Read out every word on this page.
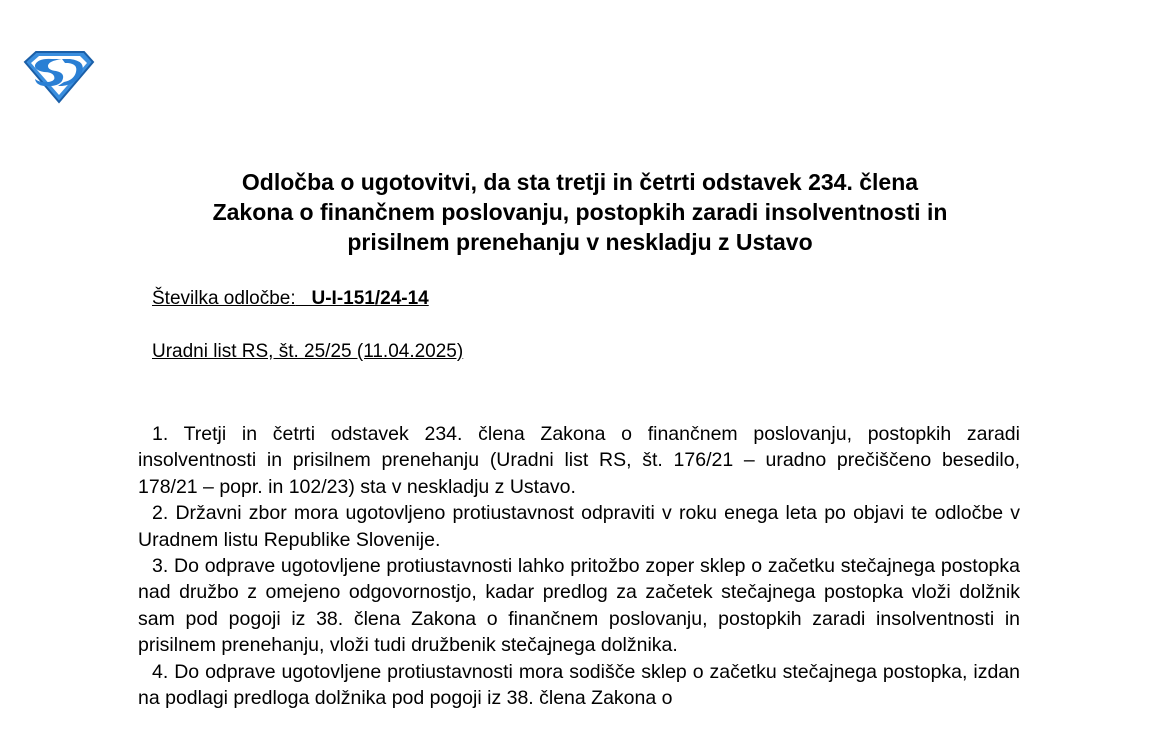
Odločba o ugotovitvi, da sta tretji in četrti odstavek 234. člena
Zakona o finančnem poslovanju, postopkih zaradi insolventnosti in
prisilnem prenehanju v neskladju z Ustavo

Številka odločbe: U-I-151/24-14

Uradni list RS, št. 25/25 (11.04.2025)

1. Tretji in četrti odstavek 234. člena Zakona o finančnem poslovanju, postopkih zaradi insolventnosti in prisilnem prenehanju (Uradni list RS, št. 176/21 – uradno prečiščeno besedilo, 178/21 – popr. in 102/23) sta v neskladju z Ustavo.

2. Državni zbor mora ugotovljeno protiustavnost odpraviti v roku enega leta po objavi te odločbe v Uradnem listu Republike Slovenije.

3. Do odprave ugotovljene protiustavnosti lahko pritožbo zoper sklep o začetku stečajnega postopka nad družbo z omejeno odgovornostjo, kadar predlog za začetek stečajnega postopka vloži dolžnik sam pod pogoji iz 38. člena Zakona o finančnem poslovanju, postopkih zaradi insolventnosti in prisilnem prenehanju, vloži tudi družbenik stečajnega dolžnika.

4. Do odprave ugotovljene protiustavnosti mora sodišče sklep o začetku stečajnega postopka, izdan na podlagi predloga dolžnika pod pogoji iz 38. člena Zakona o
